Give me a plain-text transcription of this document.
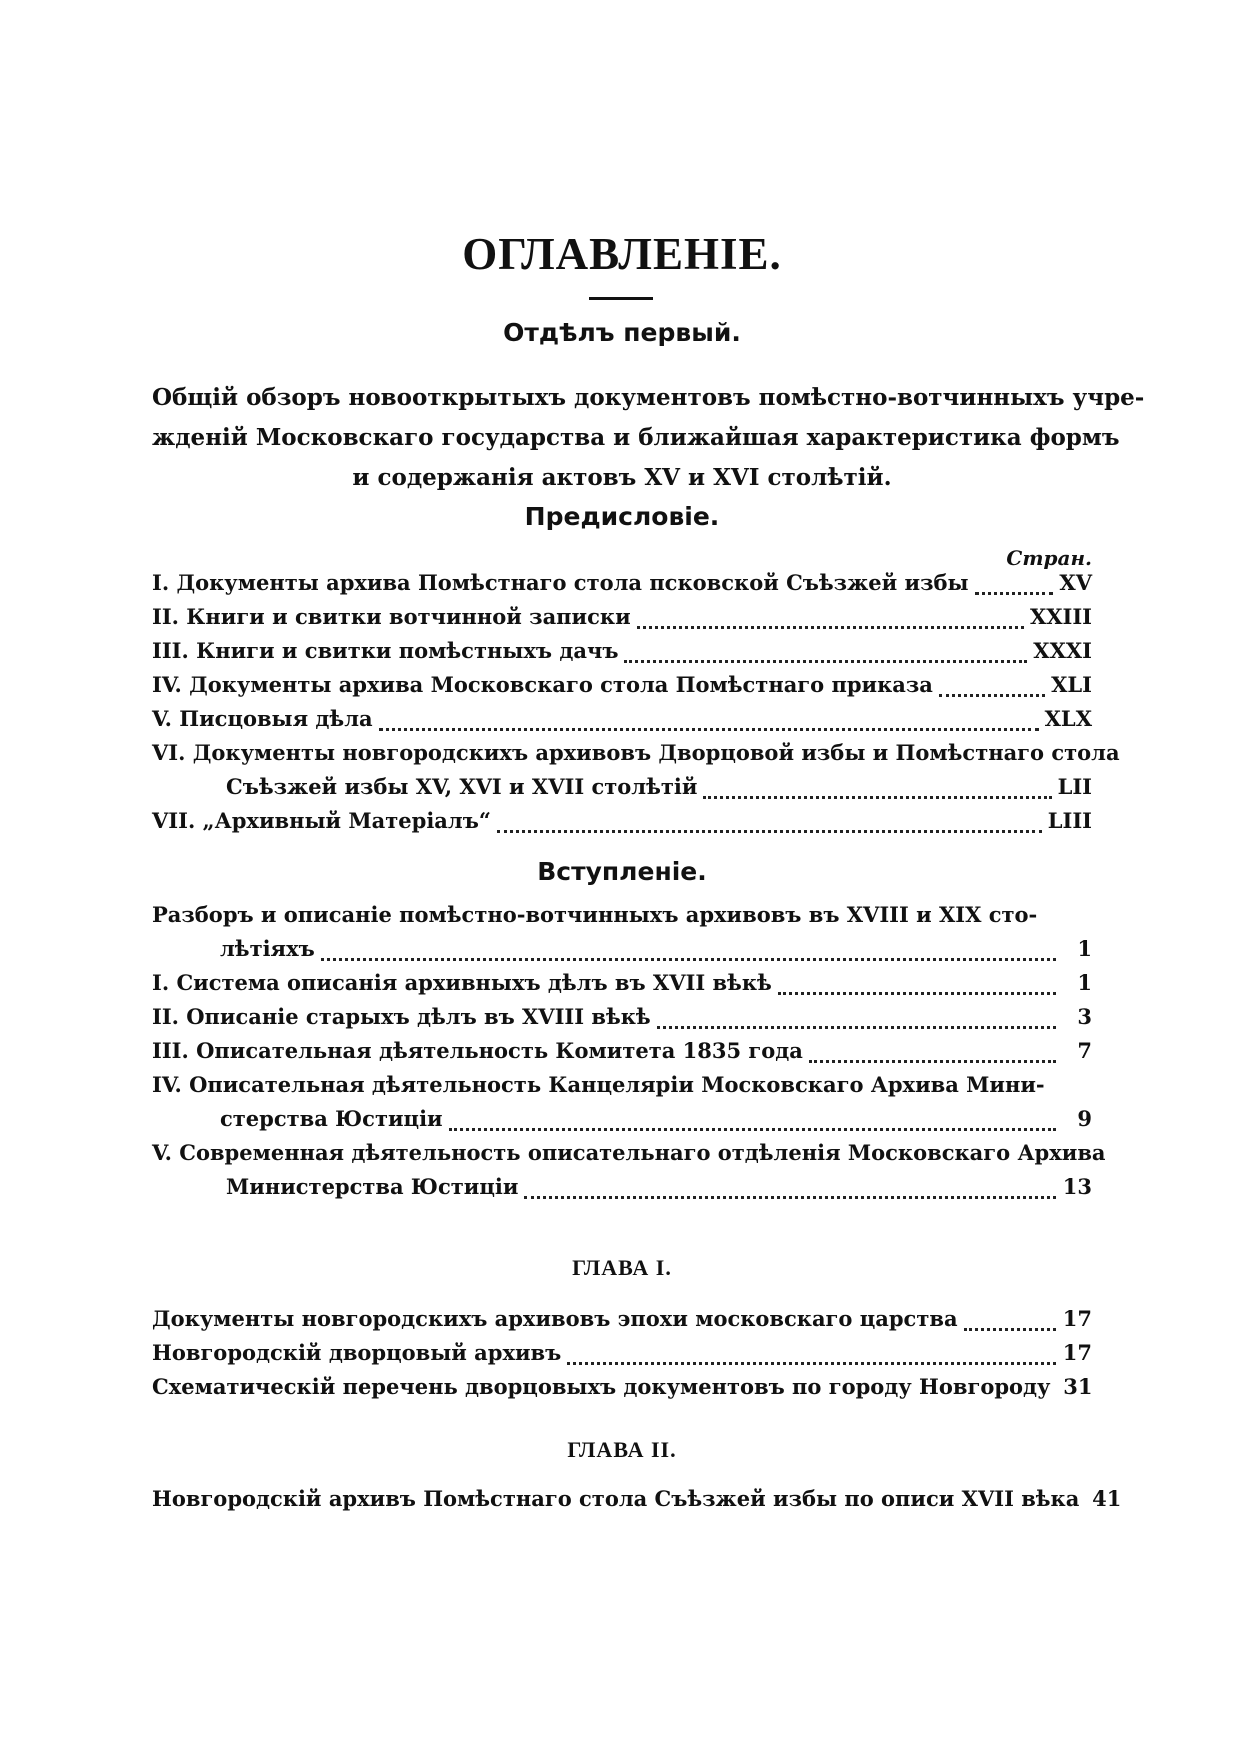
ОГЛАВЛЕНІЕ.
Отдѣлъ первый.
Общій обзоръ новооткрытыхъ документовъ помѣстно-вотчинныхъ учре-
жденій Московскаго государства и ближайшая характеристика формъ
и содержанія актовъ XV и XVI столѣтій.
Предисловіе.
Стран.
I. Документы архива Помѣстнаго стола псковской Съѣзжей избы	XV
II. Книги и свитки вотчинной записки	XXIII
III. Книги и свитки помѣстныхъ дачъ	XXXI
IV. Документы архива Московскаго стола Помѣстнаго приказа	XLI
V. Писцовыя дѣла	XLX
VI. Документы новгородскихъ архивовъ Дворцовой избы и Помѣстнаго стола
Съѣзжей избы XV, XVI и XVII столѣтій	LII
VII. „Архивный Матеріалъ“	LIII
Вступленіе.
Разборъ и описаніе помѣстно-вотчинныхъ архивовъ въ XVIII и XIX сто-
лѣтіяхъ	1
I. Система описанія архивныхъ дѣлъ въ XVII вѣкѣ	1
II. Описаніе старыхъ дѣлъ въ XVIII вѣкѣ	3
III. Описательная дѣятельность Комитета 1835 года	7
IV. Описательная дѣятельность Канцеляріи Московскаго Архива Мини-
стерства Юстиціи	9
V. Современная дѣятельность описательнаго отдѣленія Московскаго Архива
Министерства Юстиціи	13
ГЛАВА I.
Документы новгородскихъ архивовъ эпохи московскаго царства	17
Новгородскій дворцовый архивъ	17
Схематическій перечень дворцовыхъ документовъ по городу Новгороду 31
ГЛАВА II.
Новгородскій архивъ Помѣстнаго стола Съѣзжей избы по описи XVII вѣка 41
